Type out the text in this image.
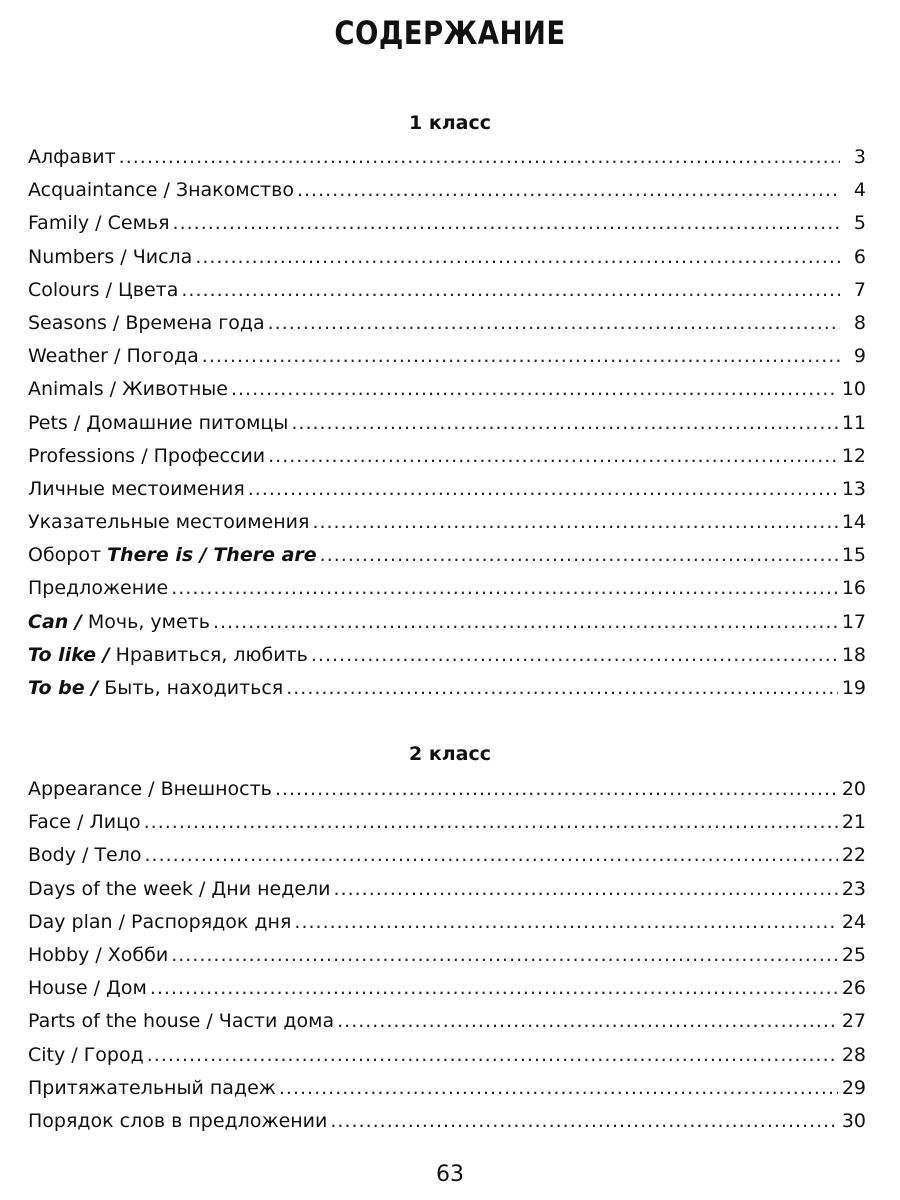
СОДЕРЖАНИЕ
1 класс
Алфавит .....	3
Acquaintance / Знакомство .....	4
Family / Семья .....	5
Numbers / Числа .....	6
Colours / Цвета .....	7
Seasons / Времена года .....	8
Weather / Погода .....	9
Animals / Животные .....	10
Pets / Домашние питомцы .....	11
Professions / Профессии .....	12
Личные местоимения .....	13
Указательные местоимения .....	14
Оборот There is / There are .....	15
Предложение .....	16
Can / Мочь, уметь .....	17
To like / Нравиться, любить .....	18
To be / Быть, находиться .....	19
2 класс
Appearance / Внешность .....	20
Face / Лицо .....	21
Body / Тело .....	22
Days of the week / Дни недели .....	23
Day plan / Распорядок дня .....	24
Hobby / Хобби .....	25
House / Дом .....	26
Parts of the house / Части дома .....	27
City / Город .....	28
Притяжательный падеж .....	29
Порядок слов в предложении .....	30
63
